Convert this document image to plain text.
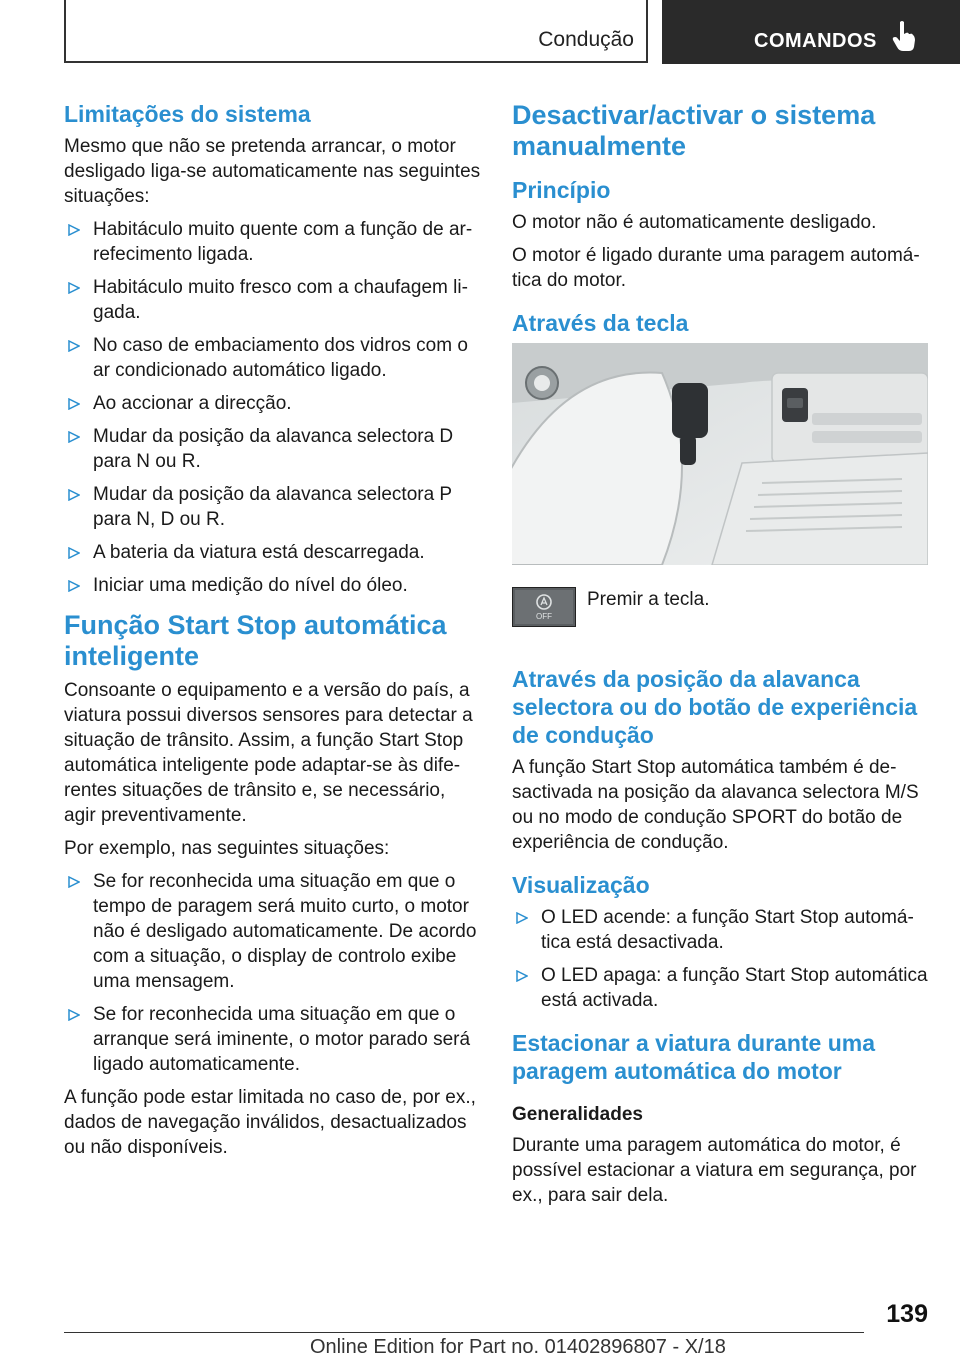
Condução	COMANDOS
Limitações do sistema

Mesmo que não se pretenda arrancar, o motor desligado liga-se automaticamente nas seguintes situações:

Habitáculo muito quente com a função de arrefecimento ligada.
Habitáculo muito fresco com a chaufagem ligada.
No caso de embaciamento dos vidros com o ar condicionado automático ligado.
Ao accionar a direcção.
Mudar da posição da alavanca selectora D para N ou R.
Mudar da posição da alavanca selectora P para N, D ou R.
A bateria da viatura está descarregada.
Iniciar uma medição do nível do óleo.
Função Start Stop automática inteligente

Consoante o equipamento e a versão do país, a viatura possui diversos sensores para detectar a situação de trânsito. Assim, a função Start Stop automática inteligente pode adaptar-se às diferentes situações de trânsito e, se necessário, agir preventivamente.

Por exemplo, nas seguintes situações:

Se for reconhecida uma situação em que o tempo de paragem será muito curto, o motor não é desligado automaticamente. De acordo com a situação, o display de controlo exibe uma mensagem.
Se for reconhecida uma situação em que o arranque será iminente, o motor parado será ligado automaticamente.

A função pode estar limitada no caso de, por ex., dados de navegação inválidos, desactualizados ou não disponíveis.

Desactivar/activar o sistema manualmente
Princípio

O motor não é automaticamente desligado.

O motor é ligado durante uma paragem automática do motor.

Através da tecla
OFF
Premir a tecla.
Através da posição da alavanca selectora ou do botão de experiência de condução

A função Start Stop automática também é desactivada na posição da alavanca selectora M/S ou no modo de condução SPORT do botão de experiência de condução.

Visualização
O LED acende: a função Start Stop automática está desactivada.
O LED apaga: a função Start Stop automática está activada.
Estacionar a viatura durante uma paragem automática do motor
Generalidades

Durante uma paragem automática do motor, é possível estacionar a viatura em segurança, por ex., para sair dela.

139
Online Edition for Part no. 01402896807 - X/18
